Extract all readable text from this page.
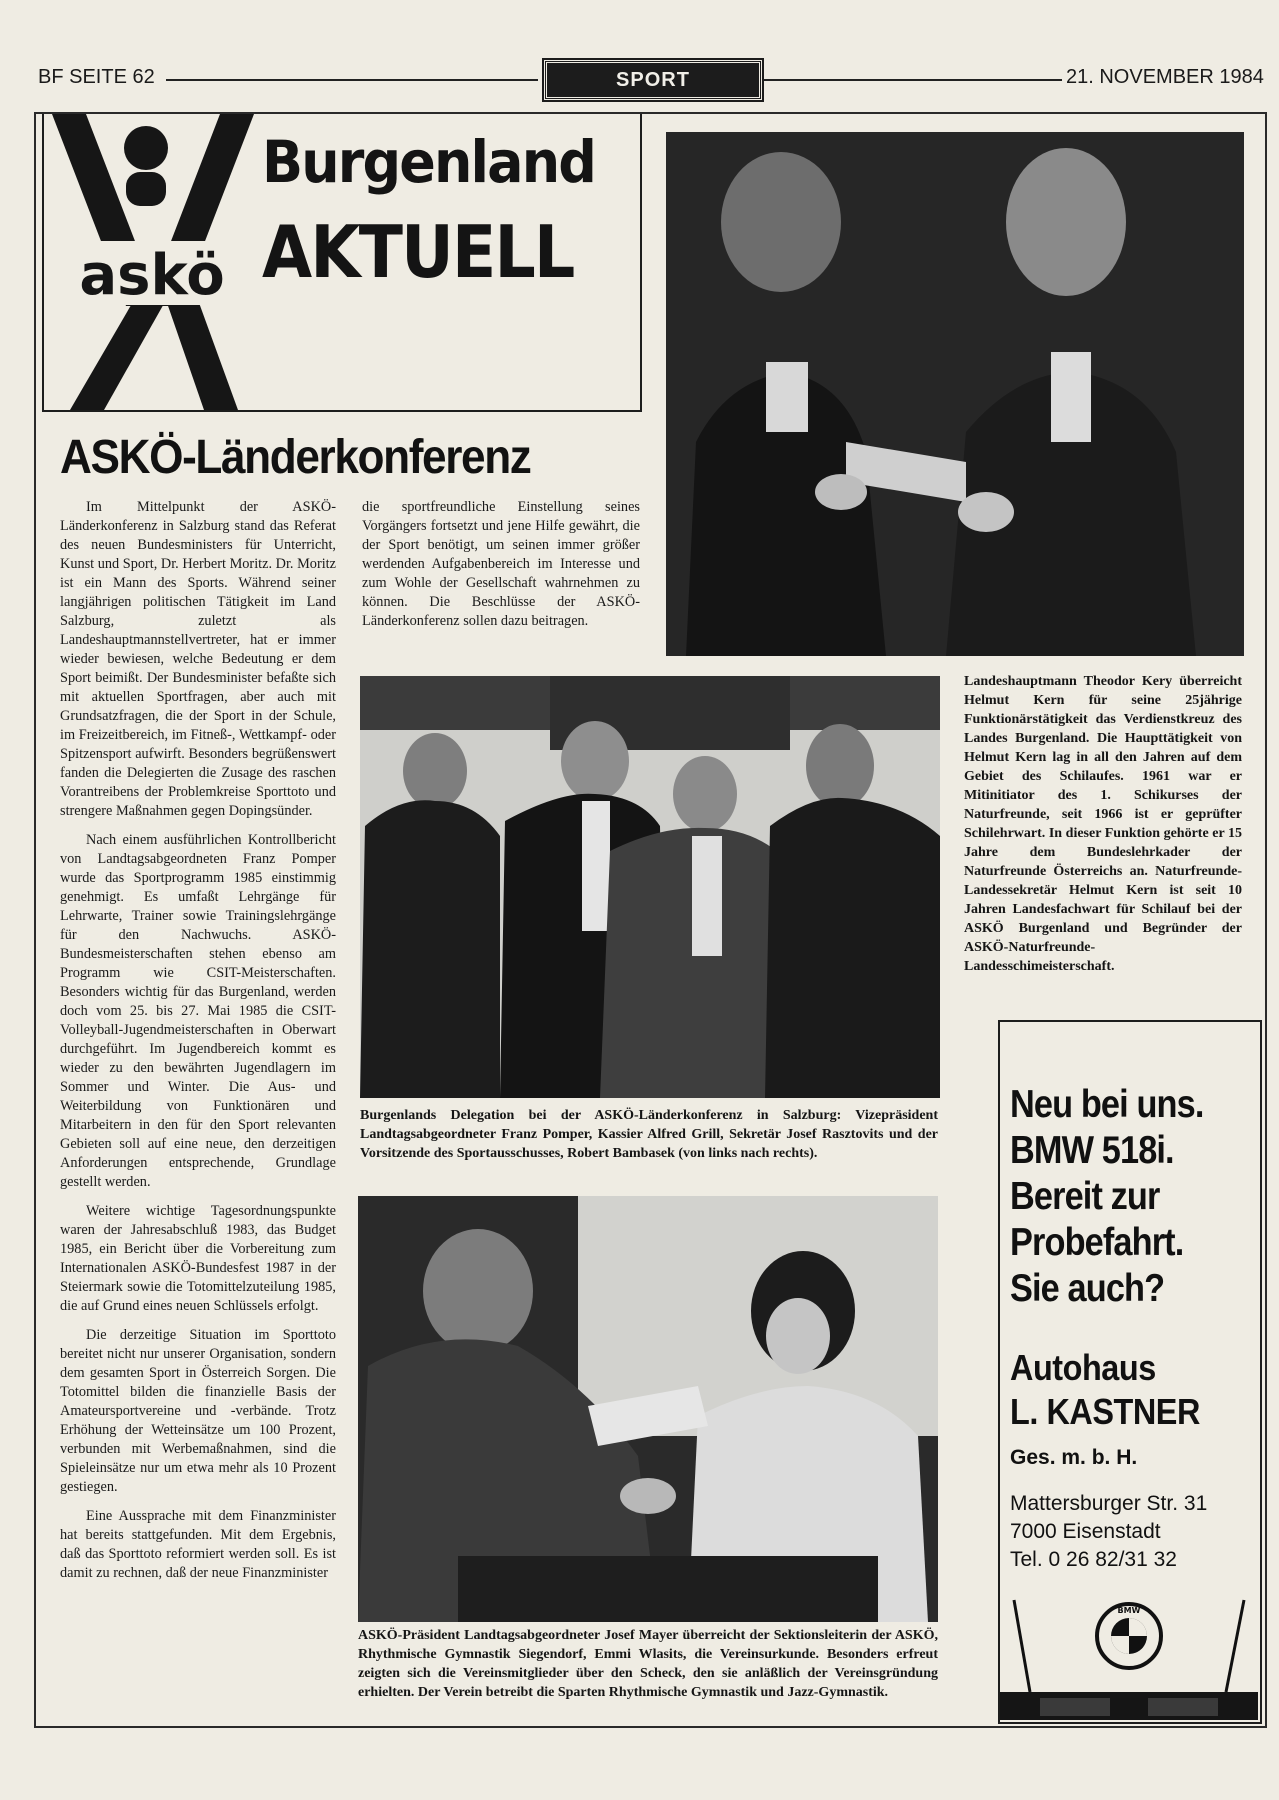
BF SEITE 62	SPORT	21. NOVEMBER 1984
askö
Burgenland
AKTUELL
ASKÖ-Länderkonferenz

Im Mittelpunkt der ASKÖ-Länderkonferenz in Salzburg stand das Referat des neuen Bundesministers für Unterricht, Kunst und Sport, Dr. Herbert Moritz. Dr. Moritz ist ein Mann des Sports. Während seiner langjährigen politischen Tätigkeit im Land Salzburg, zuletzt als Landeshauptmannstellvertreter, hat er immer wieder bewiesen, welche Bedeutung er dem Sport beimißt. Der Bundesminister befaßte sich mit aktuellen Sportfragen, aber auch mit Grundsatzfragen, die der Sport in der Schule, im Freizeitbereich, im Fitneß-, Wettkampf- oder Spitzensport aufwirft. Besonders begrüßenswert fanden die Delegierten die Zusage des raschen Vorantreibens der Problemkreise Sporttoto und strengere Maßnahmen gegen Dopingsünder.

Nach einem ausführlichen Kontrollbericht von Landtagsabgeordneten Franz Pomper wurde das Sportprogramm 1985 einstimmig genehmigt. Es umfaßt Lehrgänge für Lehrwarte, Trainer sowie Trainingslehrgänge für den Nachwuchs. ASKÖ-Bundesmeisterschaften stehen ebenso am Programm wie CSIT-Meisterschaften. Besonders wichtig für das Burgenland, werden doch vom 25. bis 27. Mai 1985 die CSIT-Volleyball-Jugendmeisterschaften in Oberwart durchgeführt. Im Jugendbereich kommt es wieder zu den bewährten Jugendlagern im Sommer und Winter. Die Aus- und Weiterbildung von Funktionären und Mitarbeitern in den für den Sport relevanten Gebieten soll auf eine neue, den derzeitigen Anforderungen entsprechende, Grundlage gestellt werden.

Weitere wichtige Tagesordnungspunkte waren der Jahresabschluß 1983, das Budget 1985, ein Bericht über die Vorbereitung zum Internationalen ASKÖ-Bundesfest 1987 in der Steiermark sowie die Totomittelzuteilung 1985, die auf Grund eines neuen Schlüssels erfolgt.

Die derzeitige Situation im Sporttoto bereitet nicht nur unserer Organisation, sondern dem gesamten Sport in Österreich Sorgen. Die Totomittel bilden die finanzielle Basis der Amateursportvereine und -verbände. Trotz Erhöhung der Wetteinsätze um 100 Prozent, verbunden mit Werbemaßnahmen, sind die Spieleinsätze nur um etwa mehr als 10 Prozent gestiegen.

Eine Aussprache mit dem Finanzminister hat bereits stattgefunden. Mit dem Ergebnis, daß das Sporttoto reformiert werden soll. Es ist damit zu rechnen, daß der neue Finanzminister

die sportfreundliche Einstellung seines Vorgängers fortsetzt und jene Hilfe gewährt, die der Sport benötigt, um seinen immer größer werdenden Aufgabenbereich im Interesse und zum Wohle der Gesellschaft wahrnehmen zu können. Die Beschlüsse der ASKÖ-Länderkonferenz sollen dazu beitragen.

Landeshauptmann Theodor Kery überreicht Helmut Kern für seine 25jährige Funktionärstätigkeit das Verdienstkreuz des Landes Burgenland. Die Haupttätigkeit von Helmut Kern lag in all den Jahren auf dem Gebiet des Schilaufes. 1961 war er Mitinitiator des 1. Schikurses der Naturfreunde, seit 1966 ist er geprüfter Schilehrwart. In dieser Funktion gehörte er 15 Jahre dem Bundeslehrkader der Naturfreunde Österreichs an. Naturfreunde-Landessekretär Helmut Kern ist seit 10 Jahren Landesfachwart für Schilauf bei der ASKÖ Burgenland und Begründer der ASKÖ-Naturfreunde-Landesschimeisterschaft.
Burgenlands Delegation bei der ASKÖ-Länderkonferenz in Salzburg: Vizepräsident Landtagsabgeordneter Franz Pomper, Kassier Alfred Grill, Sekretär Josef Rasztovits und der Vorsitzende des Sportausschusses, Robert Bambasek (von links nach rechts).
ASKÖ-Präsident Landtagsabgeordneter Josef Mayer überreicht der Sektionsleiterin der ASKÖ, Rhythmische Gymnastik Siegendorf, Emmi Wlasits, die Vereinsurkunde. Besonders erfreut zeigten sich die Vereinsmitglieder über den Scheck, den sie anläßlich der Vereinsgründung erhielten. Der Verein betreibt die Sparten Rhythmische Gymnastik und Jazz-Gymnastik.
Neu bei uns.
BMW 518i.
Bereit zur
Probefahrt.
Sie auch?
Autohaus
L. KASTNER
Ges. m. b. H.
Mattersburger Str. 31
7000 Eisenstadt
Tel. 0 26 82/31 32
BMW
